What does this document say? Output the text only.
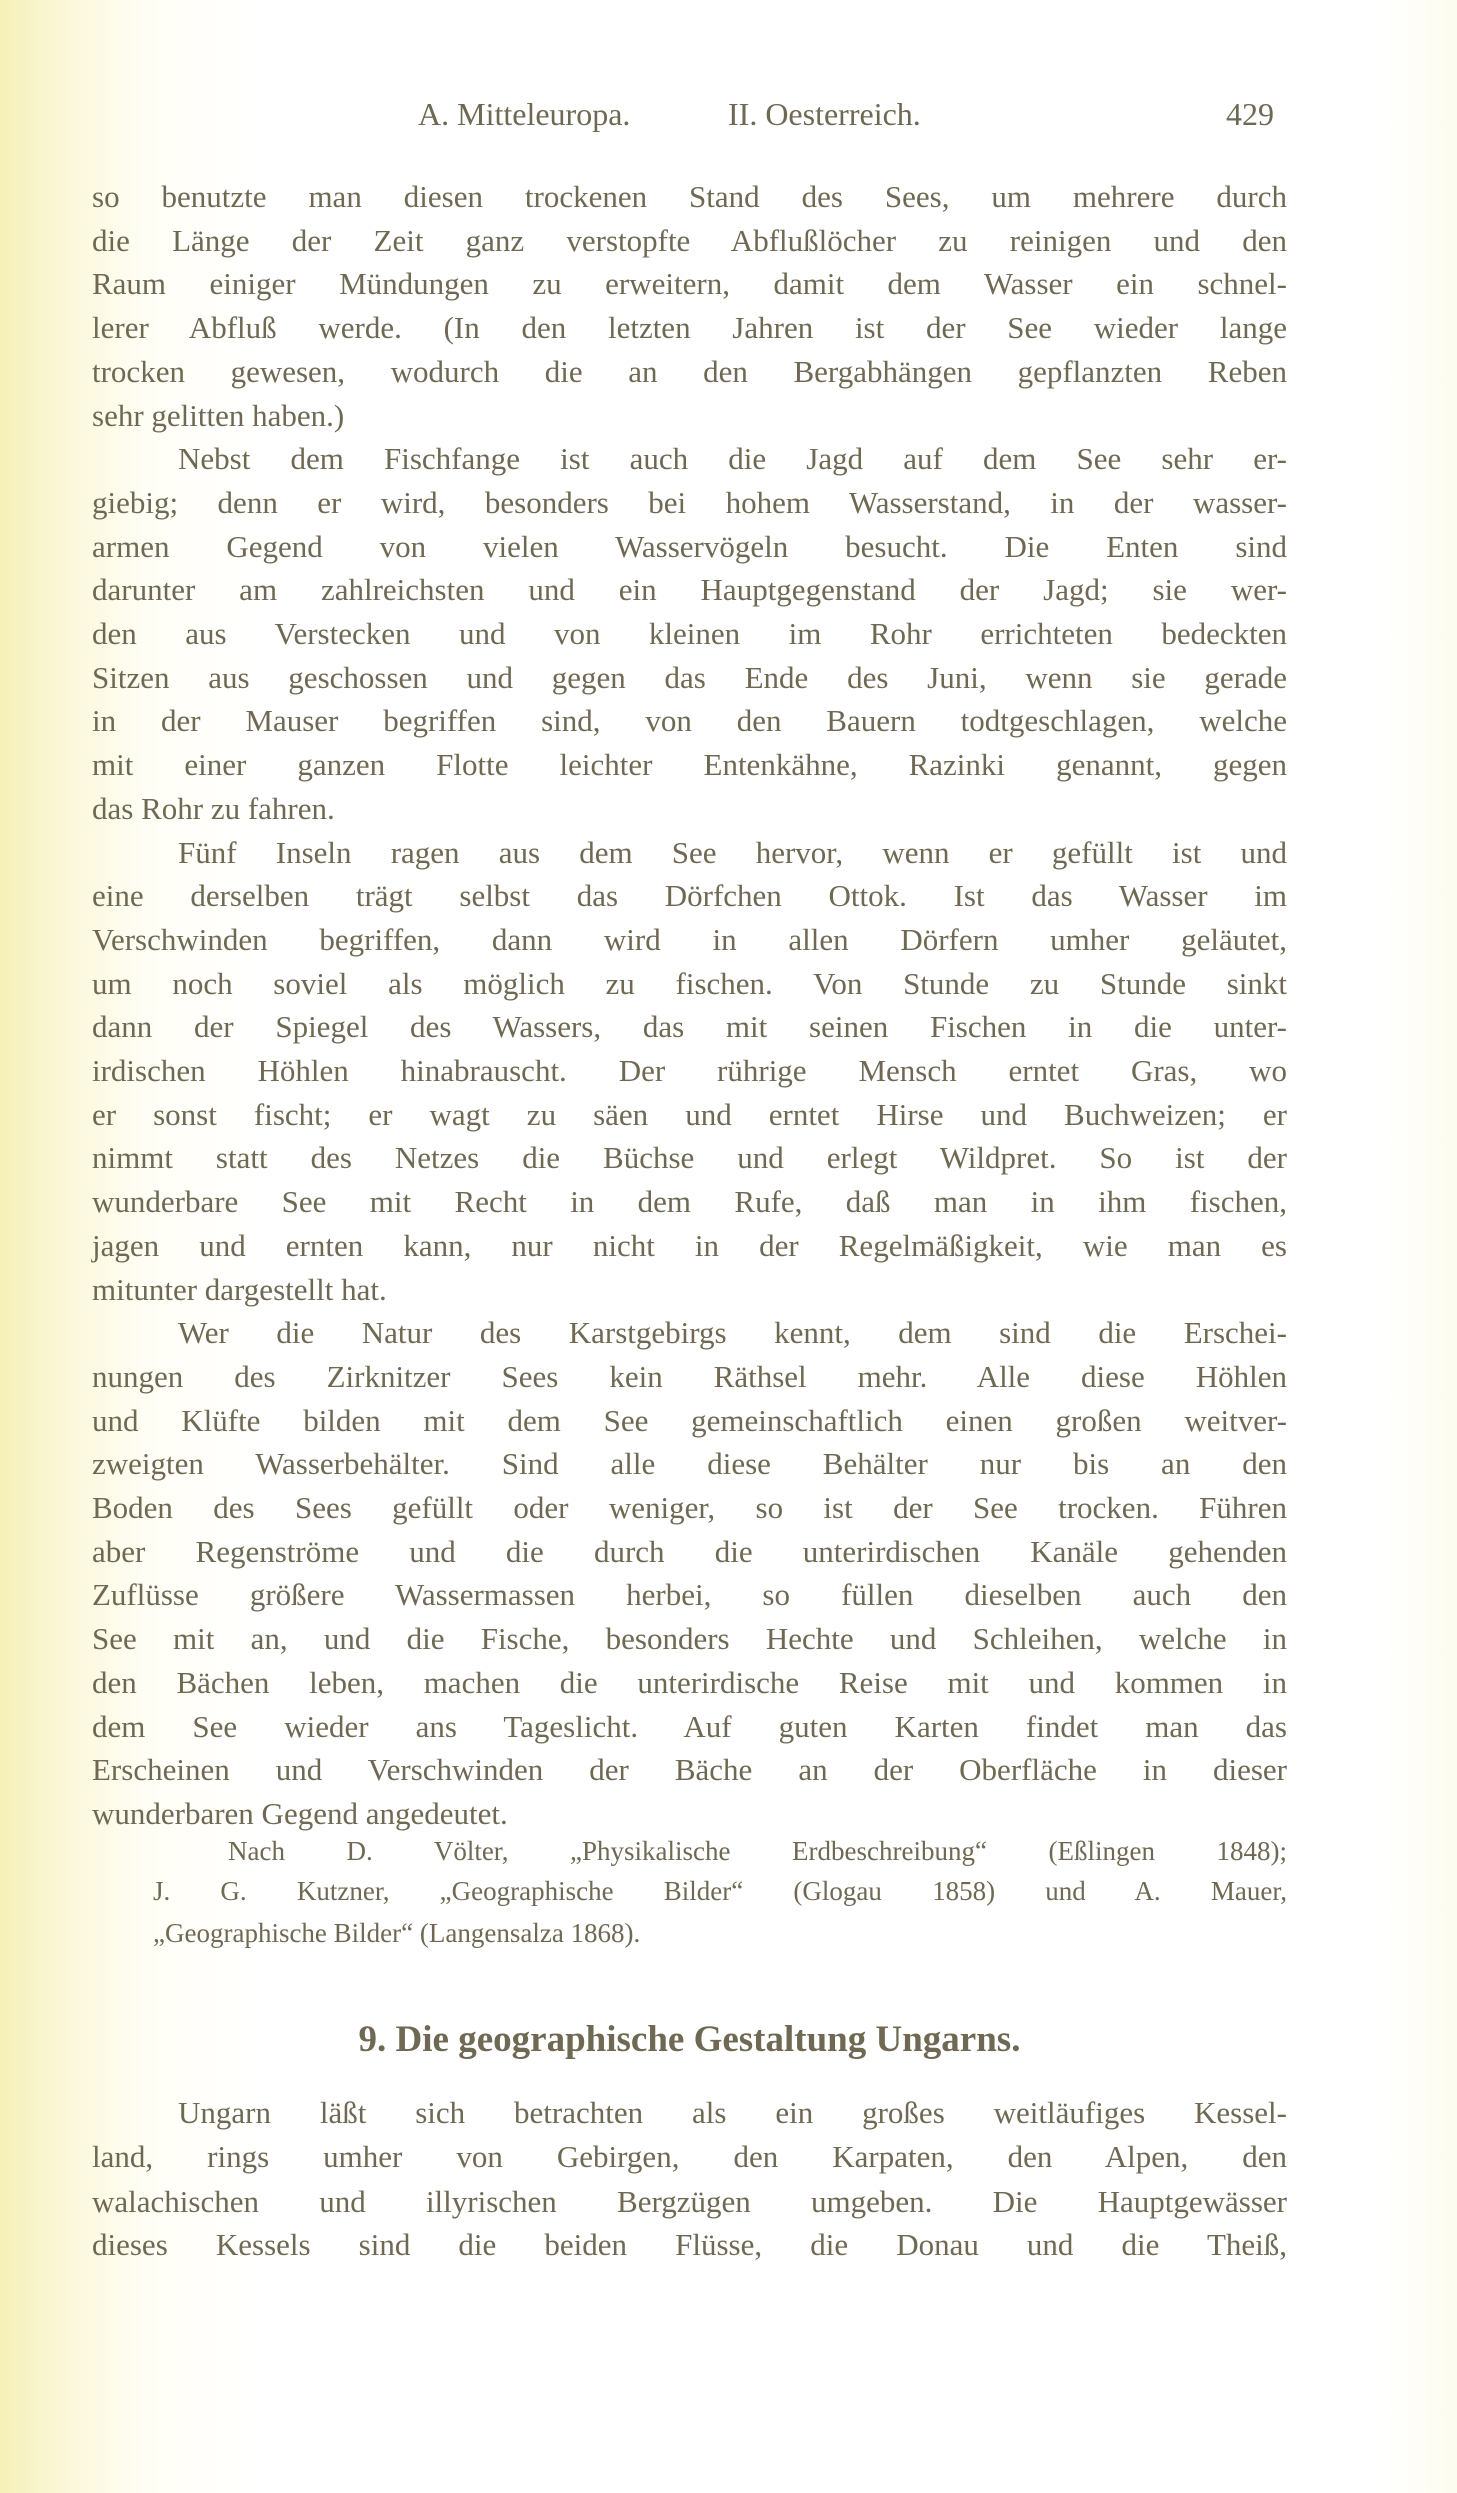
A. Mitteleuropa.	II. Oesterreich.	429
so benutzte man diesen trockenen Stand des Sees, um mehrere durch
die Länge der Zeit ganz verstopfte Abflußlöcher zu reinigen und den
Raum einiger Mündungen zu erweitern, damit dem Wasser ein schnel-
lerer Abfluß werde. (In den letzten Jahren ist der See wieder lange
trocken gewesen, wodurch die an den Bergabhängen gepflanzten Reben
sehr gelitten haben.)
Nebst dem Fischfange ist auch die Jagd auf dem See sehr er-
giebig; denn er wird, besonders bei hohem Wasserstand, in der wasser-
armen Gegend von vielen Wasservögeln besucht. Die Enten sind
darunter am zahlreichsten und ein Hauptgegenstand der Jagd; sie wer-
den aus Verstecken und von kleinen im Rohr errichteten bedeckten
Sitzen aus geschossen und gegen das Ende des Juni, wenn sie gerade
in der Mauser begriffen sind, von den Bauern todtgeschlagen, welche
mit einer ganzen Flotte leichter Entenkähne, Razinki genannt, gegen
das Rohr zu fahren.
Fünf Inseln ragen aus dem See hervor, wenn er gefüllt ist und
eine derselben trägt selbst das Dörfchen Ottok. Ist das Wasser im
Verschwinden begriffen, dann wird in allen Dörfern umher geläutet,
um noch soviel als möglich zu fischen. Von Stunde zu Stunde sinkt
dann der Spiegel des Wassers, das mit seinen Fischen in die unter-
irdischen Höhlen hinabrauscht. Der rührige Mensch erntet Gras, wo
er sonst fischt; er wagt zu säen und erntet Hirse und Buchweizen; er
nimmt statt des Netzes die Büchse und erlegt Wildpret. So ist der
wunderbare See mit Recht in dem Rufe, daß man in ihm fischen,
jagen und ernten kann, nur nicht in der Regelmäßigkeit, wie man es
mitunter dargestellt hat.
Wer die Natur des Karstgebirgs kennt, dem sind die Erschei-
nungen des Zirknitzer Sees kein Räthsel mehr. Alle diese Höhlen
und Klüfte bilden mit dem See gemeinschaftlich einen großen weitver-
zweigten Wasserbehälter. Sind alle diese Behälter nur bis an den
Boden des Sees gefüllt oder weniger, so ist der See trocken. Führen
aber Regenströme und die durch die unterirdischen Kanäle gehenden
Zuflüsse größere Wassermassen herbei, so füllen dieselben auch den
See mit an, und die Fische, besonders Hechte und Schleihen, welche in
den Bächen leben, machen die unterirdische Reise mit und kommen in
dem See wieder ans Tageslicht. Auf guten Karten findet man das
Erscheinen und Verschwinden der Bäche an der Oberfläche in dieser
wunderbaren Gegend angedeutet.
Nach D. Völter, „Physikalische Erdbeschreibung“ (Eßlingen 1848);
J. G. Kutzner, „Geographische Bilder“ (Glogau 1858) und A. Mauer,
„Geographische Bilder“ (Langensalza 1868).
9. Die geographische Gestaltung Ungarns.
Ungarn läßt sich betrachten als ein großes weitläufiges Kessel-
land, rings umher von Gebirgen, den Karpaten, den Alpen, den
walachischen und illyrischen Bergzügen umgeben. Die Hauptgewässer
dieses Kessels sind die beiden Flüsse, die Donau und die Theiß,
